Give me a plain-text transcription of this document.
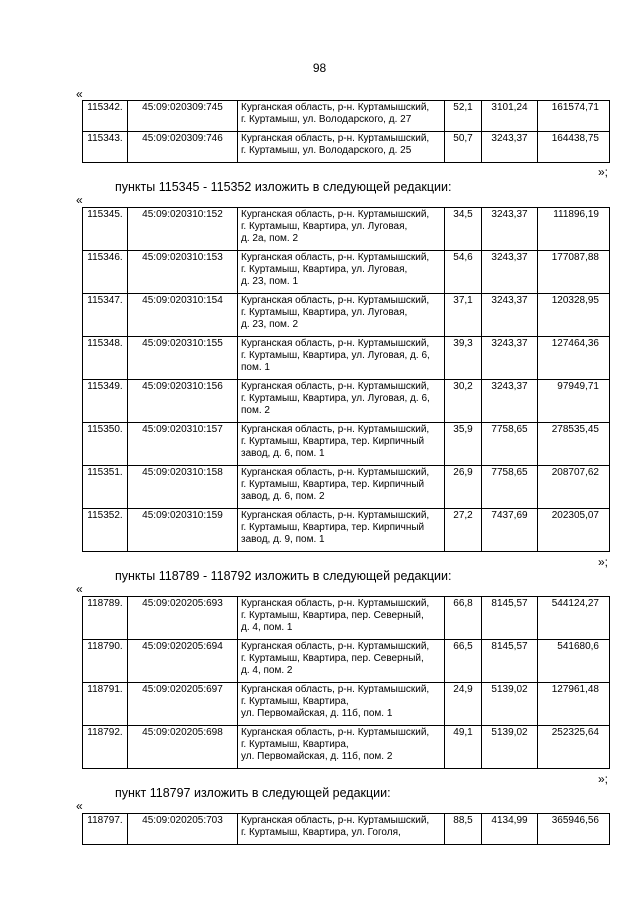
98
«
115342.	45:09:020309:745	Курганская область, р-н. Куртамышский,
г. Куртамыш, ул. Володарского, д. 27	52,1	3101,24	161574,71
115343.	45:09:020309:746	Курганская область, р-н. Куртамышский,
г. Куртамыш, ул. Володарского, д. 25	50,7	3243,37	164438,75
»;
пункты 115345 - 115352 изложить в следующей редакции:
«
115345.	45:09:020310:152	Курганская область, р-н. Куртамышский,
г. Куртамыш, Квартира, ул. Луговая,
д. 2а, пом. 2	34,5	3243,37	111896,19
115346.	45:09:020310:153	Курганская область, р-н. Куртамышский,
г. Куртамыш, Квартира, ул. Луговая,
д. 23, пом. 1	54,6	3243,37	177087,88
115347.	45:09:020310:154	Курганская область, р-н. Куртамышский,
г. Куртамыш, Квартира, ул. Луговая,
д. 23, пом. 2	37,1	3243,37	120328,95
115348.	45:09:020310:155	Курганская область, р-н. Куртамышский,
г. Куртамыш, Квартира, ул. Луговая, д. 6,
пом. 1	39,3	3243,37	127464,36
115349.	45:09:020310:156	Курганская область, р-н. Куртамышский,
г. Куртамыш, Квартира, ул. Луговая, д. 6,
пом. 2	30,2	3243,37	97949,71
115350.	45:09:020310:157	Курганская область, р-н. Куртамышский,
г. Куртамыш, Квартира, тер. Кирпичный
завод, д. 6, пом. 1	35,9	7758,65	278535,45
115351.	45:09:020310:158	Курганская область, р-н. Куртамышский,
г. Куртамыш, Квартира, тер. Кирпичный
завод, д. 6, пом. 2	26,9	7758,65	208707,62
115352.	45:09:020310:159	Курганская область, р-н. Куртамышский,
г. Куртамыш, Квартира, тер. Кирпичный
завод, д. 9, пом. 1	27,2	7437,69	202305,07
»;
пункты 118789 - 118792 изложить в следующей редакции:
«
118789.	45:09:020205:693	Курганская область, р-н. Куртамышский,
г. Куртамыш, Квартира, пер. Северный,
д. 4, пом. 1	66,8	8145,57	544124,27
118790.	45:09:020205:694	Курганская область, р-н. Куртамышский,
г. Куртамыш, Квартира, пер. Северный,
д. 4, пом. 2	66,5	8145,57	541680,6
118791.	45:09:020205:697	Курганская область, р-н. Куртамышский,
г. Куртамыш, Квартира,
ул. Первомайская, д. 11б, пом. 1	24,9	5139,02	127961,48
118792.	45:09:020205:698	Курганская область, р-н. Куртамышский,
г. Куртамыш, Квартира,
ул. Первомайская, д. 11б, пом. 2	49,1	5139,02	252325,64
»;
пункт 118797 изложить в следующей редакции:
«
118797.	45:09:020205:703	Курганская область, р-н. Куртамышский,
г. Куртамыш, Квартира, ул. Гоголя,	88,5	4134,99	365946,56
